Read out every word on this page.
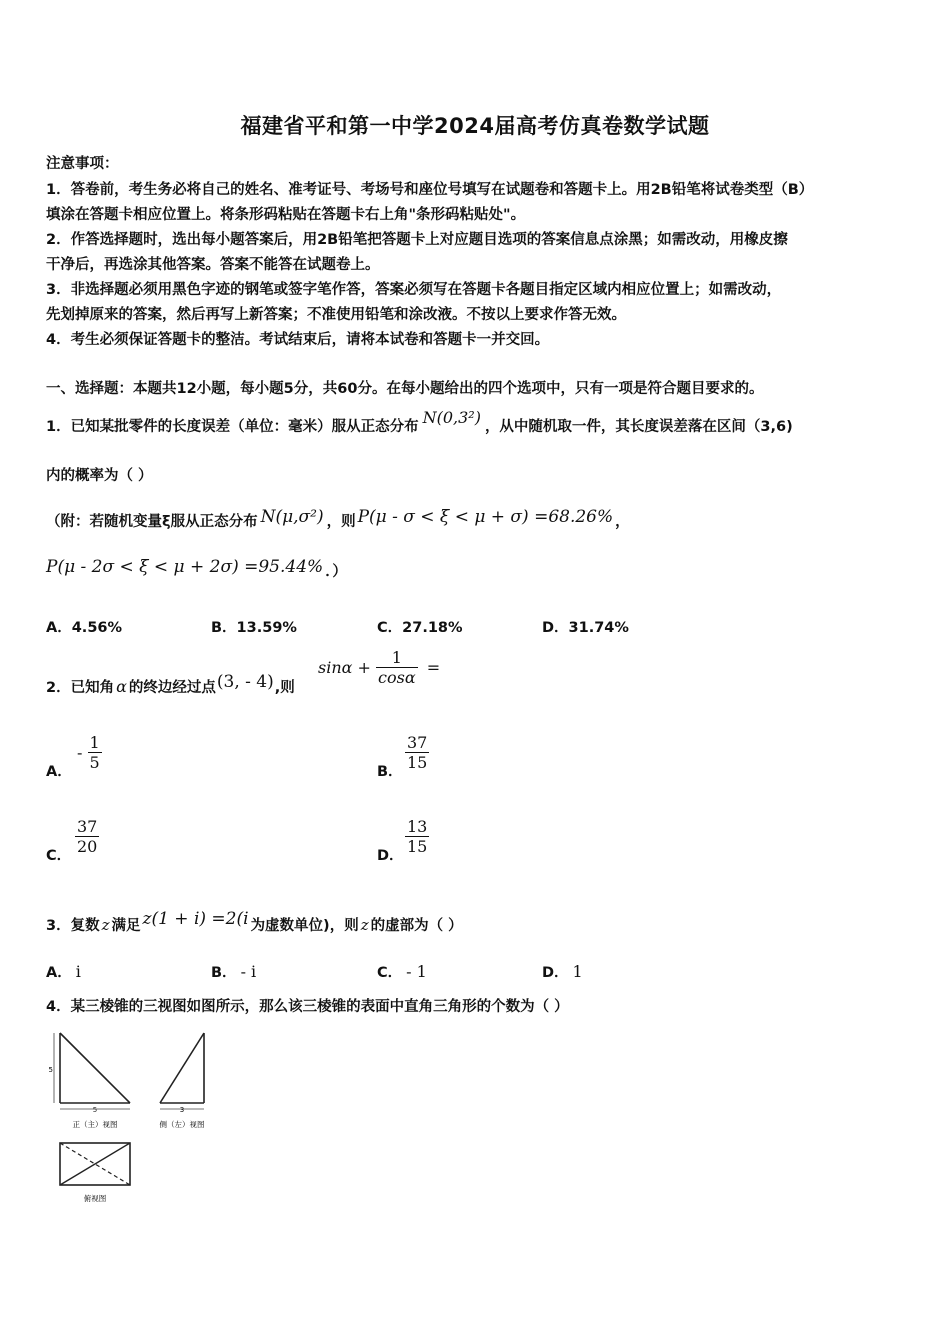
福建省平和第一中学2024届高考仿真卷数学试题
注意事项：
1．答卷前，考生务必将自己的姓名、准考证号、考场号和座位号填写在试题卷和答题卡上。用2B铅笔将试卷类型（B）
填涂在答题卡相应位置上。将条形码粘贴在答题卡右上角"条形码粘贴处"。
2．作答选择题时，选出每小题答案后，用2B铅笔把答题卡上对应题目选项的答案信息点涂黑；如需改动，用橡皮擦
干净后，再选涂其他答案。答案不能答在试题卷上。
3．非选择题必须用黑色字迹的钢笔或签字笔作答，答案必须写在答题卡各题目指定区域内相应位置上；如需改动，
先划掉原来的答案，然后再写上新答案；不准使用铅笔和涂改液。不按以上要求作答无效。
4．考生必须保证答题卡的整洁。考试结束后，请将本试卷和答题卡一并交回。
一、选择题：本题共12小题，每小题5分，共60分。在每小题给出的四个选项中，只有一项是符合题目要求的。
1．已知某批零件的长度误差（单位：毫米）服从正态分布 N(0,3²) ，从中随机取一件，其长度误差落在区间（3,6)
内的概率为（ ）
（附：若随机变量ξ服从正态分布 N(μ,σ²) ，则 P(μ - σ < ξ < μ + σ) =68.26% ，
P(μ - 2σ < ξ < μ + 2σ) =95.44% ．）
A．4.56%	B．13.59%	C．27.18%	D．31.74%
2．已知角 α 的终边经过点(3, - 4),则
$\sin\alpha + \frac{1}{\cos\alpha}$ =
A．
- $\frac{1}{5}$	B． $\frac{37}{15}$
C． $\frac{37}{20}$	D． $\frac{13}{15}$
3．复数 z 满足 z(1 + i) =2(i 为虚数单位)，则 z 的虚部为（ ）
A． i	B． - i	C． - 1	D． 1
4．某三棱锥的三视图如图所示，那么该三棱锥的表面中直角三角形的个数为（ ）
5
5
正（主）视图
3
侧（左）视图
俯视图
